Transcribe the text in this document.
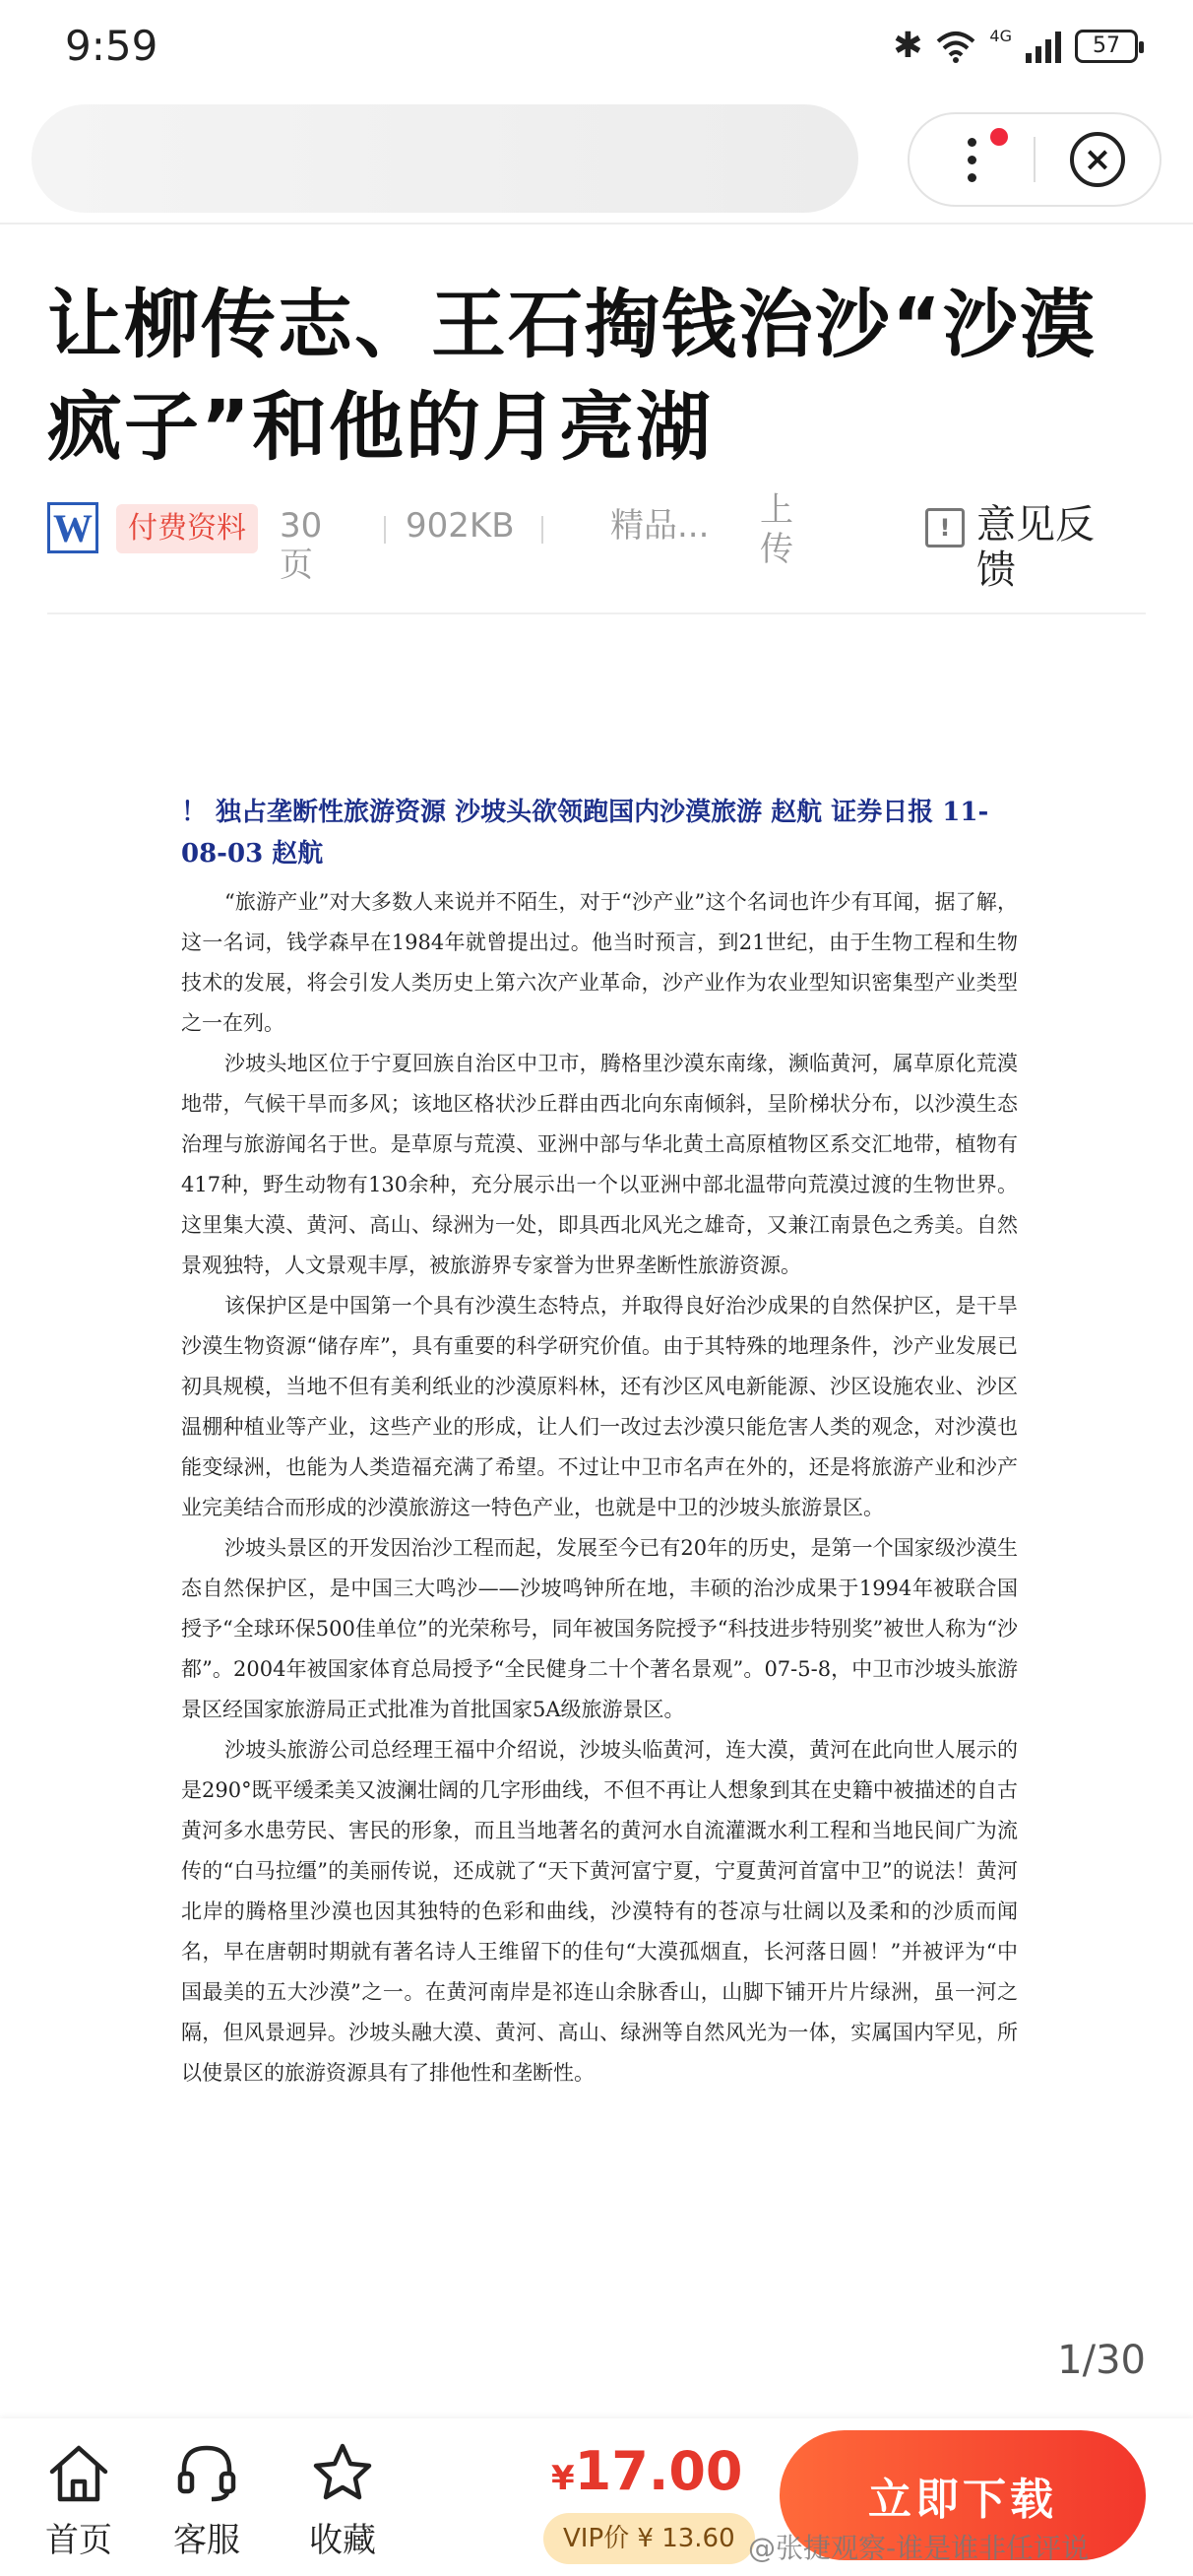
9:59	✱	4G	57
×
让柳传志、王石掏钱治沙“沙漠疯子”和他的月亮湖
W	付费资料	30 页
902KB	精品... 上 传
! 意见反馈
！ 独占垄断性旅游资源 沙坡头欲领跑国内沙漠旅游 赵航 证券日报 11-08-03 赵航

“旅游产业”对大多数人来说并不陌生，对于“沙产业”这个名词也许少有耳闻，据了解，这一名词，钱学森早在1984年就曾提出过。他当时预言，到21世纪，由于生物工程和生物技术的发展，将会引发人类历史上第六次产业革命，沙产业作为农业型知识密集型产业类型之一在列。

沙坡头地区位于宁夏回族自治区中卫市，腾格里沙漠东南缘，濒临黄河，属草原化荒漠地带，气候干旱而多风；该地区格状沙丘群由西北向东南倾斜，呈阶梯状分布，以沙漠生态治理与旅游闻名于世。是草原与荒漠、亚洲中部与华北黄土高原植物区系交汇地带，植物有417种，野生动物有130余种，充分展示出一个以亚洲中部北温带向荒漠过渡的生物世界。这里集大漠、黄河、高山、绿洲为一处，即具西北风光之雄奇，又兼江南景色之秀美。自然景观独特，人文景观丰厚，被旅游界专家誉为世界垄断性旅游资源。

该保护区是中国第一个具有沙漠生态特点，并取得良好治沙成果的自然保护区，是干旱沙漠生物资源“储存库”，具有重要的科学研究价值。由于其特殊的地理条件，沙产业发展已初具规模，当地不但有美利纸业的沙漠原料林，还有沙区风电新能源、沙区设施农业、沙区温棚种植业等产业，这些产业的形成，让人们一改过去沙漠只能危害人类的观念，对沙漠也能变绿洲，也能为人类造福充满了希望。不过让中卫市名声在外的，还是将旅游产业和沙产业完美结合而形成的沙漠旅游这一特色产业，也就是中卫的沙坡头旅游景区。

沙坡头景区的开发因治沙工程而起，发展至今已有20年的历史，是第一个国家级沙漠生态自然保护区，是中国三大鸣沙——沙坡鸣钟所在地，丰硕的治沙成果于1994年被联合国授予“全球环保500佳单位”的光荣称号，同年被国务院授予“科技进步特别奖”被世人称为“沙都”。2004年被国家体育总局授予“全民健身二十个著名景观”。07-5-8，中卫市沙坡头旅游景区经国家旅游局正式批准为首批国家5A级旅游景区。

沙坡头旅游公司总经理王福中介绍说，沙坡头临黄河，连大漠，黄河在此向世人展示的是290°既平缓柔美又波澜壮阔的几字形曲线，不但不再让人想象到其在史籍中被描述的自古黄河多水患劳民、害民的形象，而且当地著名的黄河水自流灌溉水利工程和当地民间广为流传的“白马拉缰”的美丽传说，还成就了“天下黄河富宁夏，宁夏黄河首富中卫”的说法！黄河北岸的腾格里沙漠也因其独特的色彩和曲线，沙漠特有的苍凉与壮阔以及柔和的沙质而闻名，早在唐朝时期就有著名诗人王维留下的佳句“大漠孤烟直，长河落日圆！”并被评为“中国最美的五大沙漠”之一。在黄河南岸是祁连山余脉香山，山脚下铺开片片绿洲，虽一河之隔，但风景迥异。沙坡头融大漠、黄河、高山、绿洲等自然风光为一体，实属国内罕见，所以使景区的旅游资源具有了排他性和垄断性。

1/30
首页 客服 收藏
¥17.00
VIP价 ¥ 13.60
立即下载
@张捷观察-谁是谁非任评说
